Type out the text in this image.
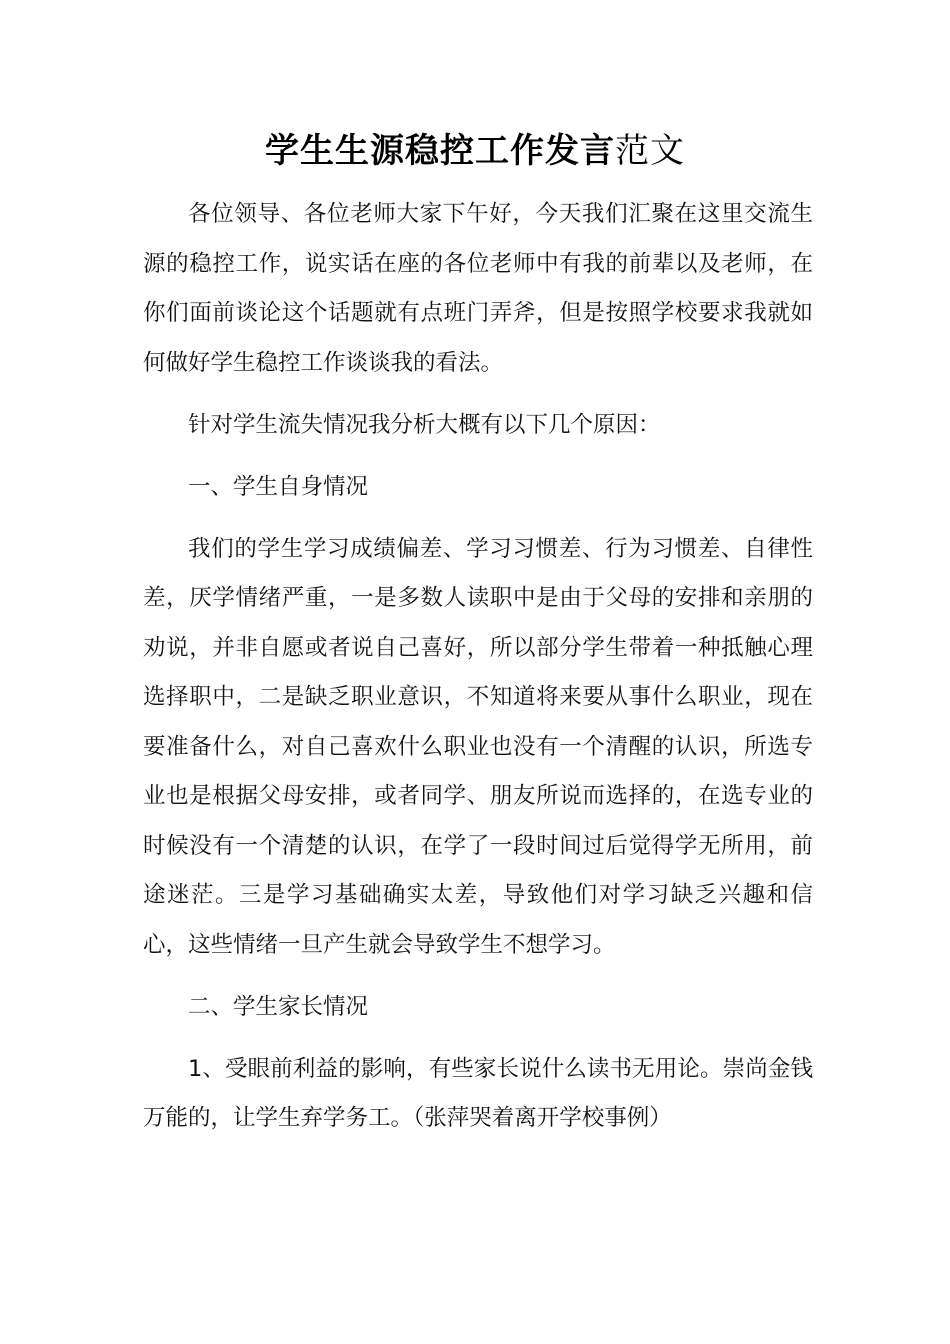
学生生源稳控工作发言范文

各位领导、各位老师大家下午好，今天我们汇聚在这里交流生源的稳控工作，说实话在座的各位老师中有我的前辈以及老师，在你们面前谈论这个话题就有点班门弄斧，但是按照学校要求我就如何做好学生稳控工作谈谈我的看法。

针对学生流失情况我分析大概有以下几个原因：

一、学生自身情况

我们的学生学习成绩偏差、学习习惯差、行为习惯差、自律性差，厌学情绪严重，一是多数人读职中是由于父母的安排和亲朋的劝说，并非自愿或者说自己喜好，所以部分学生带着一种抵触心理选择职中，二是缺乏职业意识，不知道将来要从事什么职业，现在要准备什么，对自己喜欢什么职业也没有一个清醒的认识，所选专业也是根据父母安排，或者同学、朋友所说而选择的，在选专业的时候没有一个清楚的认识，在学了一段时间过后觉得学无所用，前途迷茫。三是学习基础确实太差，导致他们对学习缺乏兴趣和信心，这些情绪一旦产生就会导致学生不想学习。

二、学生家长情况

1、受眼前利益的影响，有些家长说什么读书无用论。崇尚金钱万能的，让学生弃学务工。（张萍哭着离开学校事例）
